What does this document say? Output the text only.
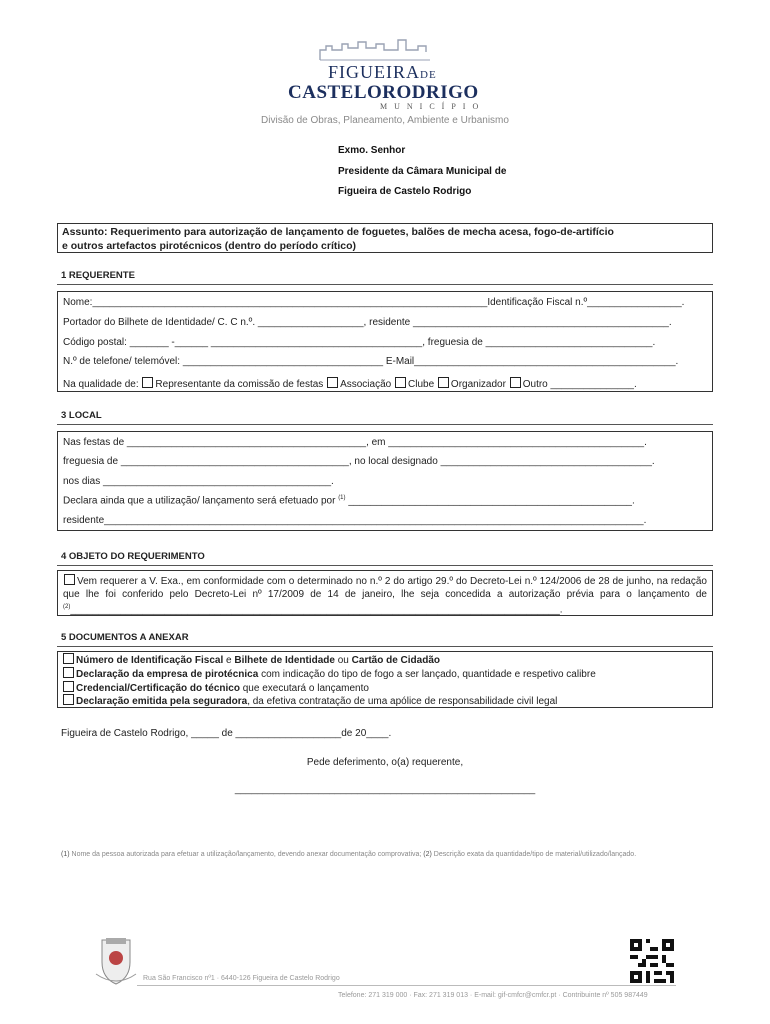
FIGUEIRADE
CASTELORODRIGO
MUNICÍPIO
Divisão de Obras, Planeamento, Ambiente e Urbanismo
Exmo. Senhor
Presidente da Câmara Municipal de
Figueira de Castelo Rodrigo
Assunto: Requerimento para autorização de lançamento de foguetes, balões de mecha acesa, fogo-de-artifício
e outros artefactos pirotécnicos (dentro do período crítico)
1 REQUERENTE
Nome:_______________________________________________________________________Identificação Fiscal n.º_________________.
Portador do Bilhete de Identidade/ C. C n.º. ___________________, residente ______________________________________________.
Código postal: _______ -______ ______________________________________, freguesia de ______________________________.
N.º de telefone/ telemóvel: ____________________________________ E-Mail_______________________________________________.
Na qualidade de: Representante da comissão de festas Associação Clube Organizador Outro _______________.
3 LOCAL
Nas festas de ___________________________________________, em ______________________________________________.
freguesia de _________________________________________, no local designado ______________________________________.
nos dias _________________________________________.
Declara ainda que a utilização/ lançamento será efetuado por $^{(1)}$ ___________________________________________________.
residente_________________________________________________________________________________________________.
4 OBJETO DO REQUERIMENTO
Vem requerer a V. Exa., em conformidade com o determinado no n.º 2 do artigo 29.º do Decreto-Lei n.º 124/2006 de 28 de junho, na redação que lhe foi conferido pelo Decreto-Lei nº 17/2009 de 14 de janeiro, lhe seja concedida a autorização prévia para o lançamento de $^{(2)}$________________________________________________________________________________________.
5 DOCUMENTOS A ANEXAR
Número de Identificação Fiscal e Bilhete de Identidade ou Cartão de Cidadão
Declaração da empresa de pirotécnica com indicação do tipo de fogo a ser lançado, quantidade e respetivo calibre
Credencial/Certificação do técnico que executará o lançamento
Declaração emitida pela seguradora, da efetiva contratação de uma apólice de responsabilidade civil legal
Figueira de Castelo Rodrigo, _____ de ___________________de 20____.
Pede deferimento, o(a) requerente,
______________________________________________________
(1) Nome da pessoa autorizada para efetuar a utilização/lançamento, devendo anexar documentação comprovativa; (2) Descrição exata da quantidade/tipo de material/utilizado/lançado.
Rua São Francisco nº1 · 6440-126 Figueira de Castelo Rodrigo
Telefone: 271 319 000 · Fax: 271 319 013 · E-mail: gif-cmfcr@cmfcr.pt · Contribuinte nº 505 987449
